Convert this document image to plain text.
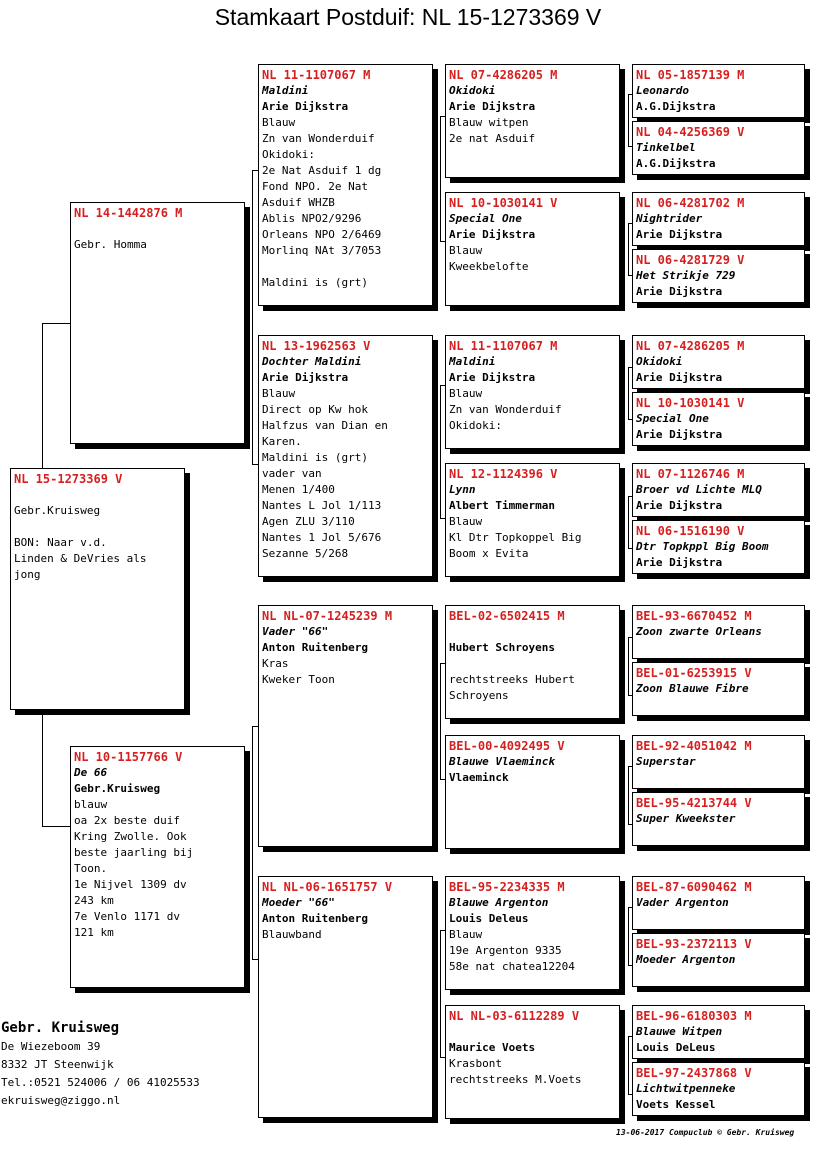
Stamkaart Postduif: NL 15-1273369 V
NL 15-1273369 V
Gebr.Kruisweg
BON: Naar v.d.
Linden & DeVries als
jong
NL 14-1442876 M
Gebr. Homma
NL 10-1157766 V
De 66
Gebr.Kruisweg
blauw
oa 2x beste duif
Kring Zwolle. Ook
beste jaarling bij
Toon.
1e Nijvel 1309 dv
243 km
7e Venlo 1171 dv
121 km
NL 11-1107067 M
Maldini
Arie Dijkstra
Blauw
Zn van Wonderduif
Okidoki:
2e Nat Asduif 1 dg
Fond NPO. 2e Nat
Asduif WHZB
Ablis NPO2/9296
Orleans NPO 2/6469
Morlinq NAt 3/7053
Maldini is (grt)
NL 13-1962563 V
Dochter Maldini
Arie Dijkstra
Blauw
Direct op Kw hok
Halfzus van Dian en
Karen.
Maldini is (grt)
vader van
Menen 1/400
Nantes L Jol 1/113
Agen ZLU 3/110
Nantes 1 Jol 5/676
Sezanne 5/268
NL NL-07-1245239 M
Vader "66"
Anton Ruitenberg
Kras
Kweker Toon
NL NL-06-1651757 V
Moeder "66"
Anton Ruitenberg
Blauwband
NL 07-4286205 M
Okidoki
Arie Dijkstra
Blauw witpen
2e nat Asduif
NL 10-1030141 V
Special One
Arie Dijkstra
Blauw
Kweekbelofte
NL 11-1107067 M
Maldini
Arie Dijkstra
Blauw
Zn van Wonderduif
Okidoki:
NL 12-1124396 V
Lynn
Albert Timmerman
Blauw
Kl Dtr Topkoppel Big
Boom x Evita
BEL-02-6502415 M
Hubert Schroyens
rechtstreeks Hubert
Schroyens
BEL-00-4092495 V
Blauwe Vlaeminck
Vlaeminck
BEL-95-2234335 M
Blauwe Argenton
Louis Deleus
Blauw
19e Argenton 9335
58e nat chatea12204
NL NL-03-6112289 V
Maurice Voets
Krasbont
rechtstreeks M.Voets
NL 05-1857139 M
Leonardo
A.G.Dijkstra
NL 04-4256369 V
Tinkelbel
A.G.Dijkstra
NL 06-4281702 M
Nightrider
Arie Dijkstra
NL 06-4281729 V
Het Strikje 729
Arie Dijkstra
NL 07-4286205 M
Okidoki
Arie Dijkstra
NL 10-1030141 V
Special One
Arie Dijkstra
NL 07-1126746 M
Broer vd Lichte MLQ
Arie Dijkstra
NL 06-1516190 V
Dtr Topkppl Big Boom
Arie Dijkstra
BEL-93-6670452 M
Zoon zwarte Orleans
BEL-01-6253915 V
Zoon Blauwe Fibre
BEL-92-4051042 M
Superstar
BEL-95-4213744 V
Super Kweekster
BEL-87-6090462 M
Vader Argenton
BEL-93-2372113 V
Moeder Argenton
BEL-96-6180303 M
Blauwe Witpen
Louis DeLeus
BEL-97-2437868 V
Lichtwitpenneke
Voets Kessel
Gebr. Kruisweg
De Wiezeboom 39
8332 JT Steenwijk
Tel.:0521 524006 / 06 41025533
ekruisweg@ziggo.nl
13-06-2017 Compuclub © Gebr. Kruisweg
